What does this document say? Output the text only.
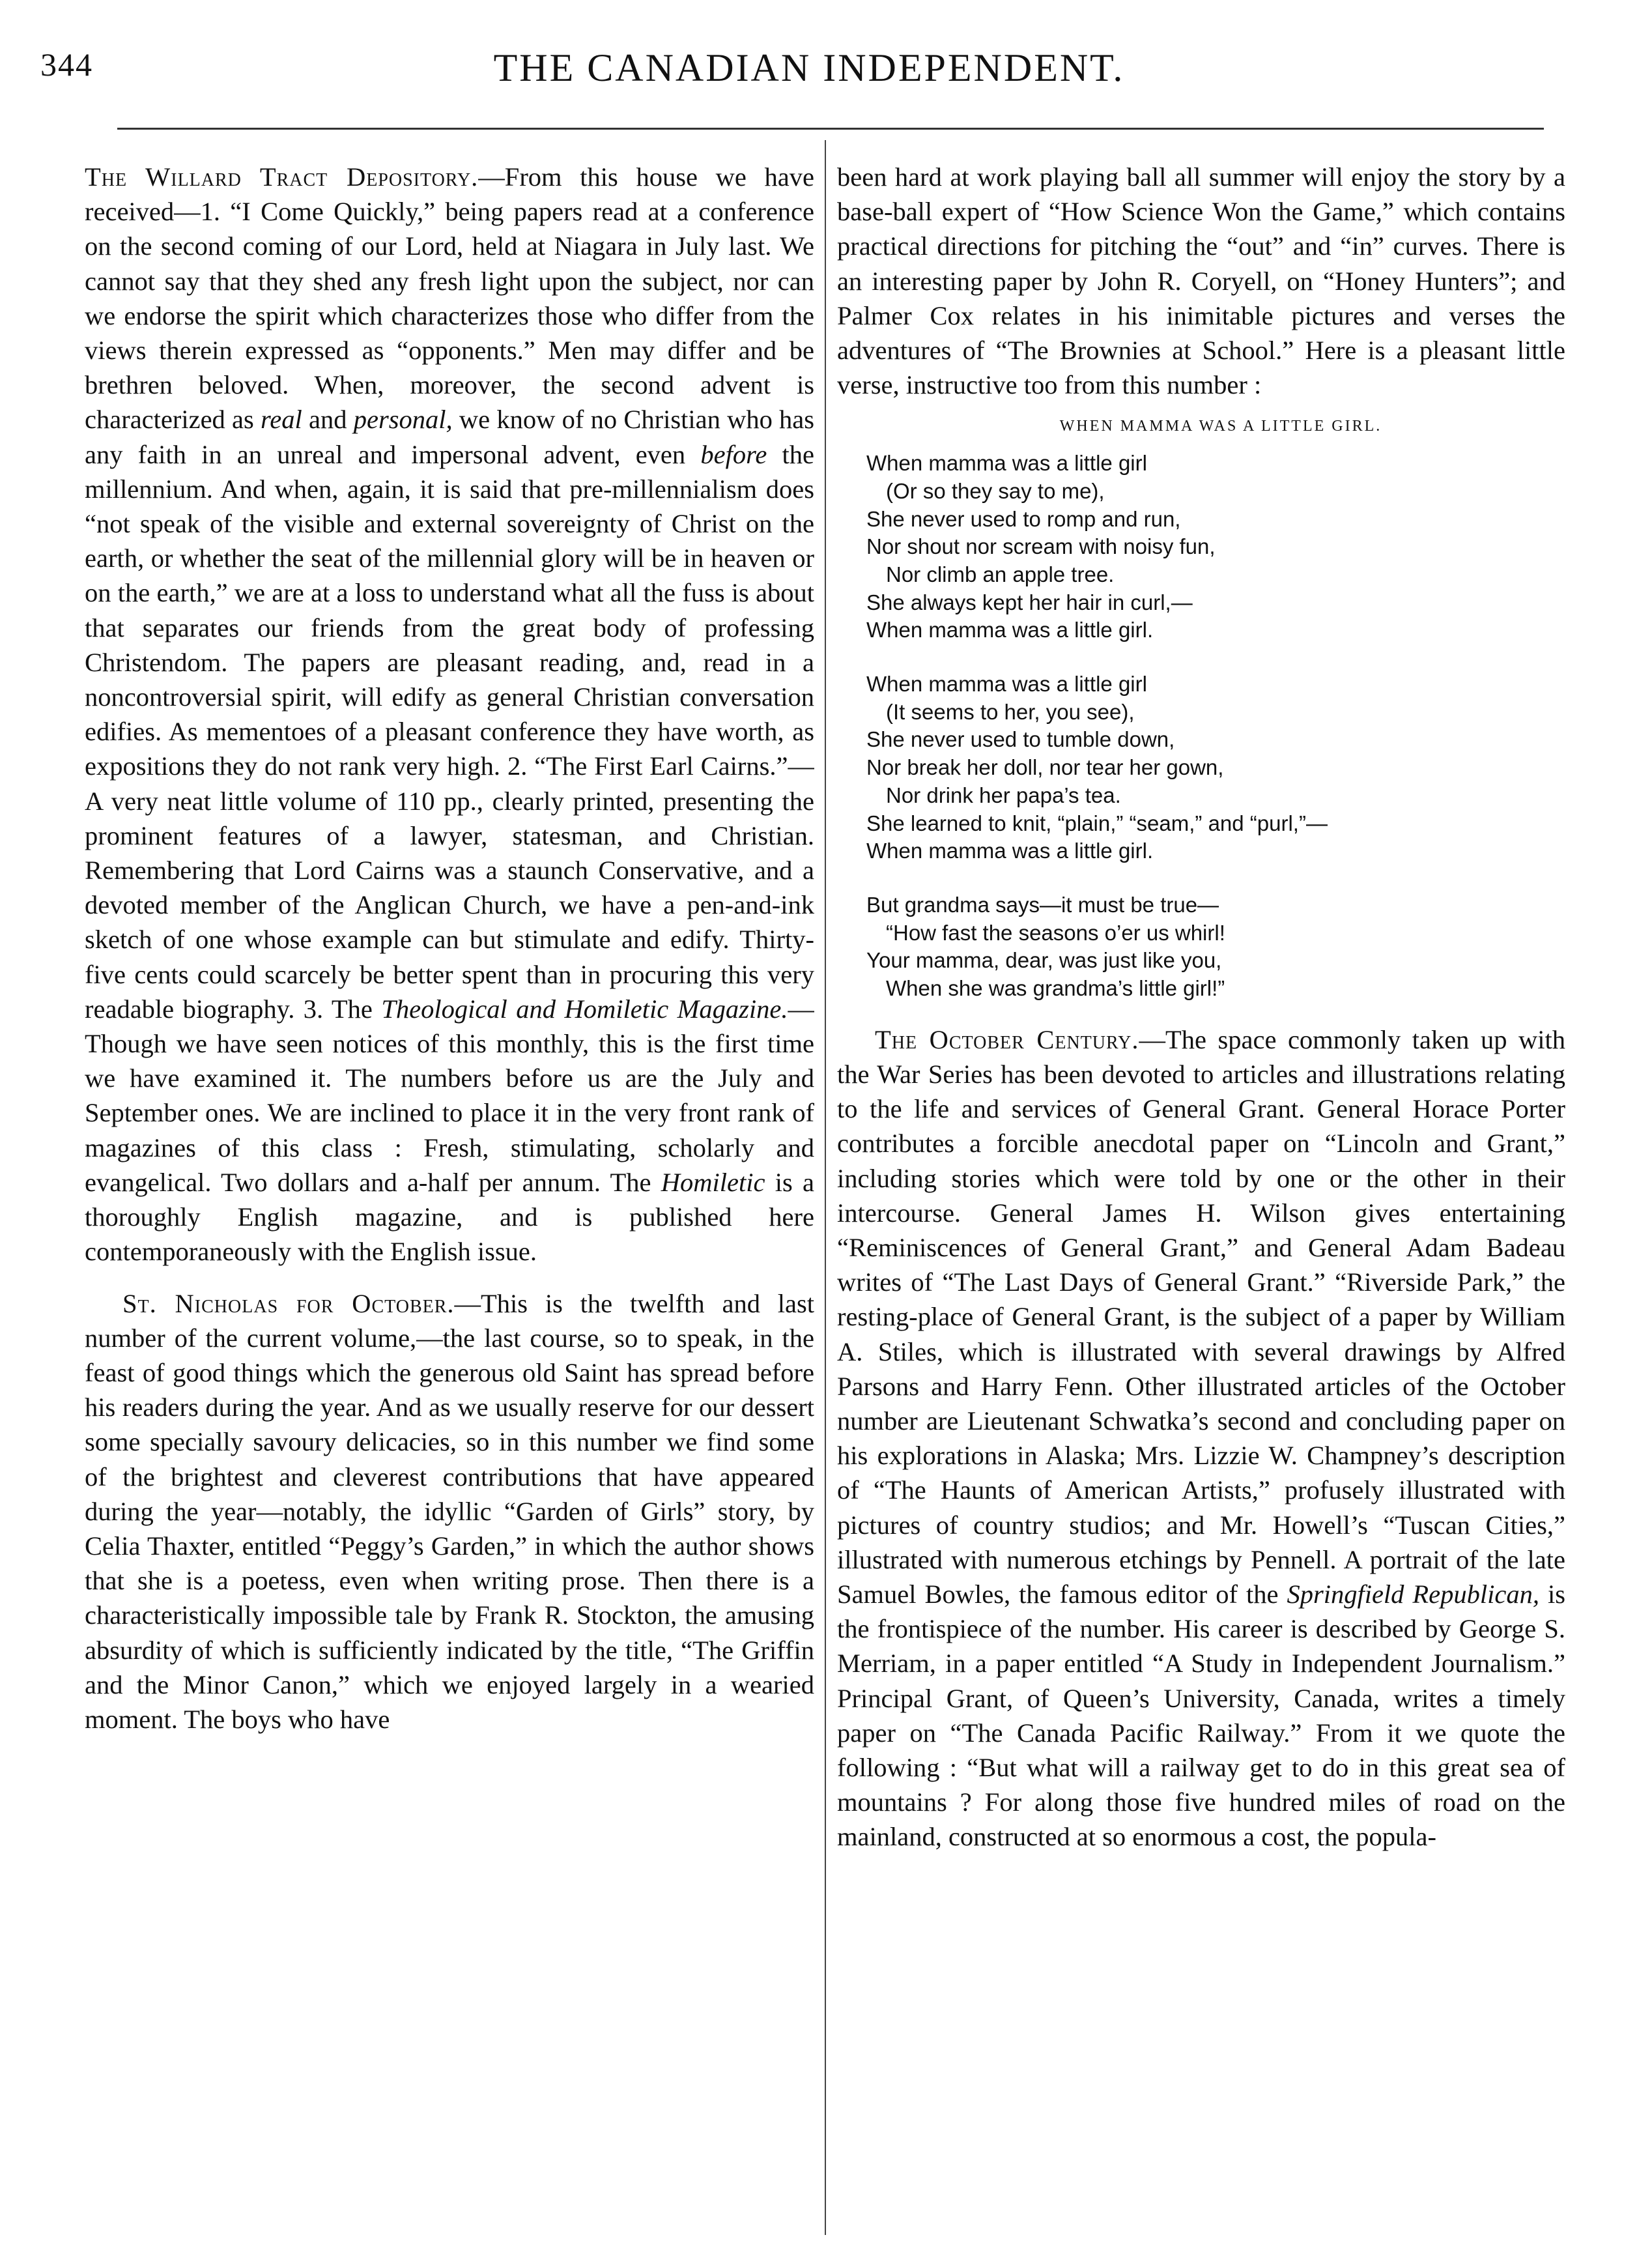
344	THE CANADIAN INDEPENDENT.

The Willard Tract Depository.—From this house we have received—1. “I Come Quickly,” being papers read at a conference on the second coming of our Lord, held at Niagara in July last. We cannot say that they shed any fresh light upon the subject, nor can we endorse the spirit which characterizes those who differ from the views therein expressed as “opponents.” Men may differ and be brethren beloved. When, moreover, the second advent is characterized as real and personal, we know of no Christian who has any faith in an unreal and impersonal advent, even before the millennium. And when, again, it is said that pre-millennialism does “not speak of the visible and external sovereignty of Christ on the earth, or whether the seat of the millennial glory will be in heaven or on the earth,” we are at a loss to understand what all the fuss is about that separates our friends from the great body of professing Christendom. The papers are pleasant reading, and, read in a noncontroversial spirit, will edify as general Christian conversation edifies. As mementoes of a pleasant conference they have worth, as expositions they do not rank very high. 2. “The First Earl Cairns.”—A very neat little volume of 110 pp., clearly printed, presenting the prominent features of a lawyer, statesman, and Christian. Remembering that Lord Cairns was a staunch Conservative, and a devoted member of the Anglican Church, we have a pen-and-ink sketch of one whose example can but stimulate and edify. Thirty-five cents could scarcely be better spent than in procuring this very readable biography. 3. The Theological and Homiletic Magazine.—Though we have seen notices of this monthly, this is the first time we have examined it. The numbers before us are the July and September ones. We are inclined to place it in the very front rank of magazines of this class : Fresh, stimulating, scholarly and evangelical. Two dollars and a-half per annum. The Homiletic is a thoroughly English magazine, and is published here contemporaneously with the English issue.

St. Nicholas for October.—This is the twelfth and last number of the current volume,—the last course, so to speak, in the feast of good things which the generous old Saint has spread before his readers during the year. And as we usually reserve for our dessert some specially savoury delicacies, so in this number we find some of the brightest and cleverest contributions that have appeared during the year—notably, the idyllic “Garden of Girls” story, by Celia Thaxter, entitled “Peggy’s Garden,” in which the author shows that she is a poetess, even when writing prose. Then there is a characteristically impossible tale by Frank R. Stockton, the amusing absurdity of which is sufficiently indicated by the title, “The Griffin and the Minor Canon,” which we enjoyed largely in a wearied moment. The boys who have

been hard at work playing ball all summer will enjoy the story by a base-ball expert of “How Science Won the Game,” which contains practical directions for pitching the “out” and “in” curves. There is an interesting paper by John R. Coryell, on “Honey Hunters”; and Palmer Cox relates in his inimitable pictures and verses the adventures of “The Brownies at School.” Here is a pleasant little verse, instructive too from this number :

WHEN MAMMA WAS A LITTLE GIRL.
When mamma was a little girl
(Or so they say to me),
She never used to romp and run,
Nor shout nor scream with noisy fun,
Nor climb an apple tree.
She always kept her hair in curl,—
When mamma was a little girl.
When mamma was a little girl
(It seems to her, you see),
She never used to tumble down,
Nor break her doll, nor tear her gown,
Nor drink her papa’s tea.
She learned to knit, “plain,” “seam,” and “purl,”—
When mamma was a little girl.
But grandma says—it must be true—
“How fast the seasons o’er us whirl!
Your mamma, dear, was just like you,
When she was grandma’s little girl!”

The October Century.—The space commonly taken up with the War Series has been devoted to articles and illustrations relating to the life and services of General Grant. General Horace Porter contributes a forcible anecdotal paper on “Lincoln and Grant,” including stories which were told by one or the other in their intercourse. General James H. Wilson gives entertaining “Reminiscences of General Grant,” and General Adam Badeau writes of “The Last Days of General Grant.” “Riverside Park,” the resting-place of General Grant, is the subject of a paper by William A. Stiles, which is illustrated with several drawings by Alfred Parsons and Harry Fenn. Other illustrated articles of the October number are Lieutenant Schwatka’s second and concluding paper on his explorations in Alaska; Mrs. Lizzie W. Champney’s description of “The Haunts of American Artists,” profusely illustrated with pictures of country studios; and Mr. Howell’s “Tuscan Cities,” illustrated with numerous etchings by Pennell. A portrait of the late Samuel Bowles, the famous editor of the Springfield Republican, is the frontispiece of the number. His career is described by George S. Merriam, in a paper entitled “A Study in Independent Journalism.” Principal Grant, of Queen’s University, Canada, writes a timely paper on “The Canada Pacific Railway.” From it we quote the following : “But what will a railway get to do in this great sea of mountains ? For along those five hundred miles of road on the mainland, constructed at so enormous a cost, the popula-
